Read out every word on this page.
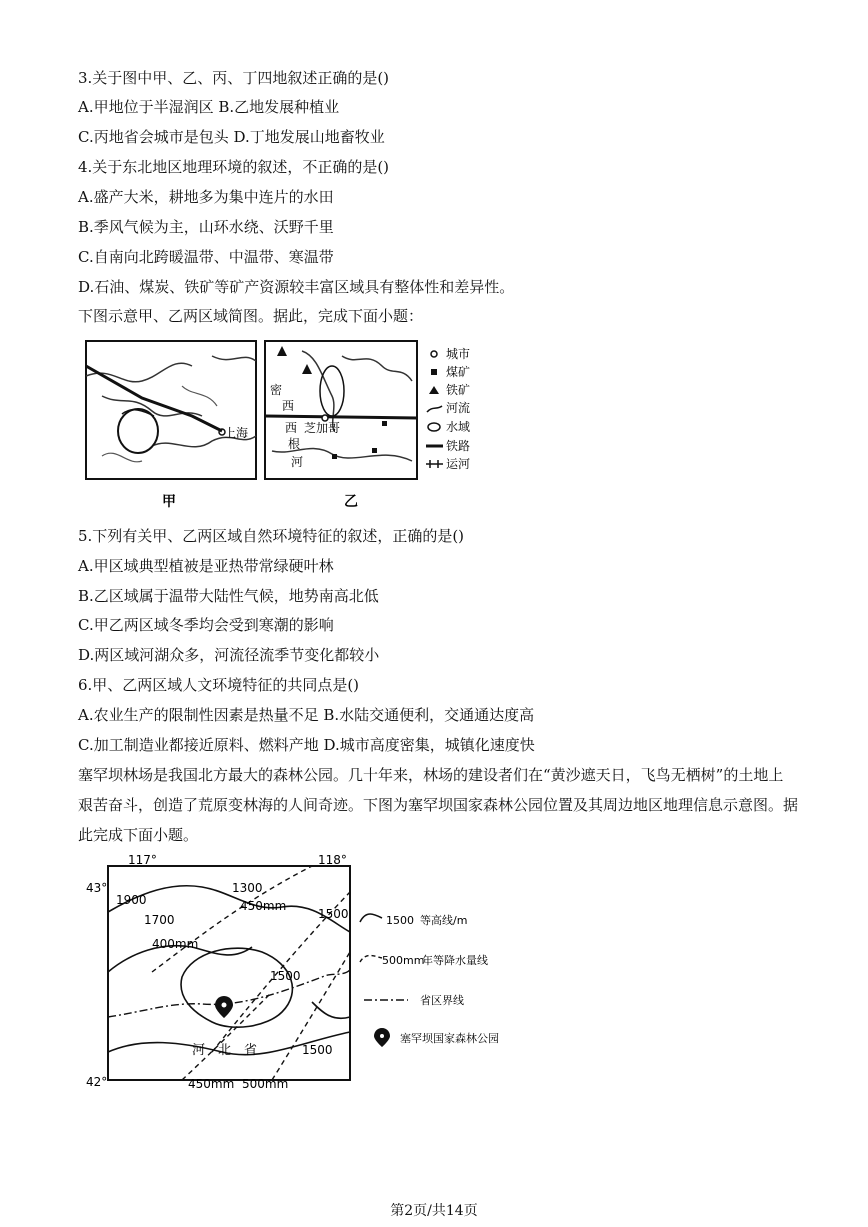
3.关于图中甲、乙、丙、丁四地叙述正确的是()
A.甲地位于半湿润区 B.乙地发展种植业
C.丙地省会城市是包头 D.丁地发展山地畜牧业
4.关于东北地区地理环境的叙述，不正确的是()
A.盛产大米，耕地多为集中连片的水田
B.季风气候为主，山环水绕、沃野千里
C.自南向北跨暖温带、中温带、寒温带
D.石油、煤炭、铁矿等矿产资源较丰富区域具有整体性和差异性。
下图示意甲、乙两区域简图。据此，完成下面小题：
上海
密
西
西 芝加哥
根
河
城市
煤矿
铁矿
河流
水域
铁路
运河
甲	乙
5.下列有关甲、乙两区域自然环境特征的叙述，正确的是()
A.甲区域典型植被是亚热带常绿硬叶林
B.乙区域属于温带大陆性气候，地势南高北低
C.甲乙两区域冬季均会受到寒潮的影响
D.两区域河湖众多，河流径流季节变化都较小
6.甲、乙两区域人文环境特征的共同点是()
A.农业生产的限制性因素是热量不足 B.水陆交通便利，交通通达度高
C.加工制造业都接近原料、燃料产地 D.城市高度密集，城镇化速度快
塞罕坝林场是我国北方最大的森林公园。几十年来，林场的建设者们在“黄沙遮天日，飞鸟无栖树”的土地上艰苦奋斗，创造了荒原变林海的人间奇迹。下图为塞罕坝国家森林公园位置及其周边地区地理信息示意图。据此完成下面小题。
117°	118°
43°
42°
1900
1700
1300
1500
1500
1500
450mm
400mm
450mm 500mm
河 北 省
1500 等高线/m
500mm
年等降水量线
省区界线
塞罕坝国家森林公园
第2页/共14页
